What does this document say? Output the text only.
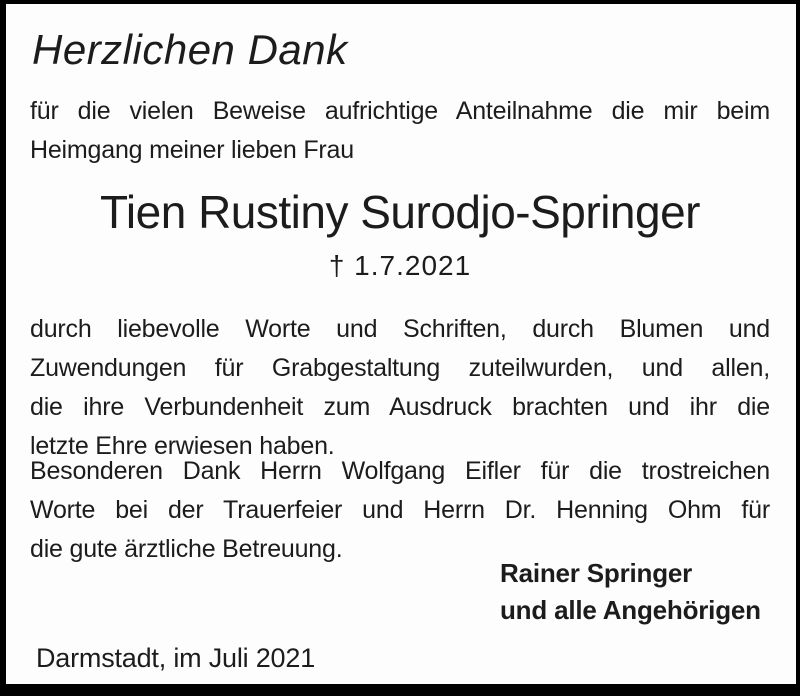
Herzlichen Dank
für die vielen Beweise aufrichtige Anteilnahme die mir beim
Heimgang meiner lieben Frau
Tien Rustiny Surodjo-Springer
† 1.7.2021
durch liebevolle Worte und Schriften, durch Blumen und
Zuwendungen für Grabgestaltung zuteilwurden, und allen,
die ihre Verbundenheit zum Ausdruck brachten und ihr die
letzte Ehre erwiesen haben.
Besonderen Dank Herrn Wolfgang Eifler für die trostreichen
Worte bei der Trauerfeier und Herrn Dr. Henning Ohm für
die gute ärztliche Betreuung.
Rainer Springer
und alle Angehörigen
Darmstadt, im Juli 2021
